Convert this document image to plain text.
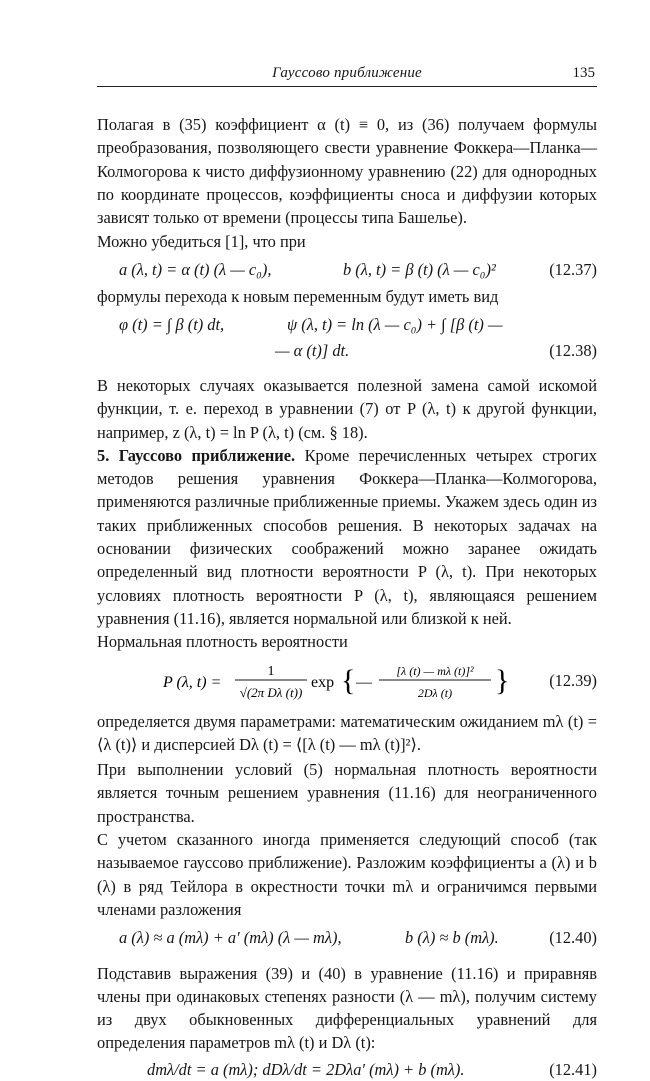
Гауссово приближение	135

Полагая в (35) коэффициент α (t) ≡ 0, из (36) получаем формулы преобразования, позволяющего свести уравнение Фоккера—Планка—Колмогорова к чисто диффузионному уравнению (22) для однородных по координате процессов, коэффициенты сноса и диффузии которых зависят только от времени (процессы типа Башелье).

Можно убедиться [1], что при

a (λ, t) = α (t) (λ — c₀),	b (λ, t) = β (t) (λ — c₀)²	(12.37)

формулы перехода к новым переменным будут иметь вид

φ (t) = ∫ β (t) dt,	ψ (λ, t) = ln (λ — c₀) + ∫ [β (t) —
— α (t)] dt.	(12.38)

В некоторых случаях оказывается полезной замена самой искомой функции, т. е. переход в уравнении (7) от P (λ, t) к другой функции, например, z (λ, t) = ln P (λ, t) (см. § 18).

5. Гауссово приближение. Кроме перечисленных четырех строгих методов решения уравнения Фоккера—Планка—Колмогорова, применяются различные приближенные приемы. Укажем здесь один из таких приближенных способов решения. В некоторых задачах на основании физических соображений можно заранее ожидать определенный вид плотности вероятности P (λ, t). При некоторых условиях плотность вероятности P (λ, t), являющаяся решением уравнения (11.16), является нормальной или близкой к ней.

Нормальная плотность вероятности

P (λ, t) =
1
√(2π Dλ (t))
exp { —
[λ (t) — mλ (t)]²
2Dλ (t) } (12.39)

определяется двумя параметрами: математическим ожиданием mλ (t) = ⟨λ (t)⟩ и дисперсией Dλ (t) = ⟨[λ (t) — mλ (t)]²⟩.

При выполнении условий (5) нормальная плотность вероятности является точным решением уравнения (11.16) для неограниченного пространства.

С учетом сказанного иногда применяется следующий способ (так называемое гауссово приближение). Разложим коэффициенты a (λ) и b (λ) в ряд Тейлора в окрестности точки mλ и ограничимся первыми членами разложения

a (λ) ≈ a (mλ) + a′ (mλ) (λ — mλ),	b (λ) ≈ b (mλ).	(12.40)

Подставив выражения (39) и (40) в уравнение (11.16) и приравняв члены при одинаковых степенях разности (λ — mλ), получим систему из двух обыкновенных дифференциальных уравнений для определения параметров mλ (t) и Dλ (t):

dmλ/dt = a (mλ); dDλ/dt = 2Dλa′ (mλ) + b (mλ).	(12.41)
